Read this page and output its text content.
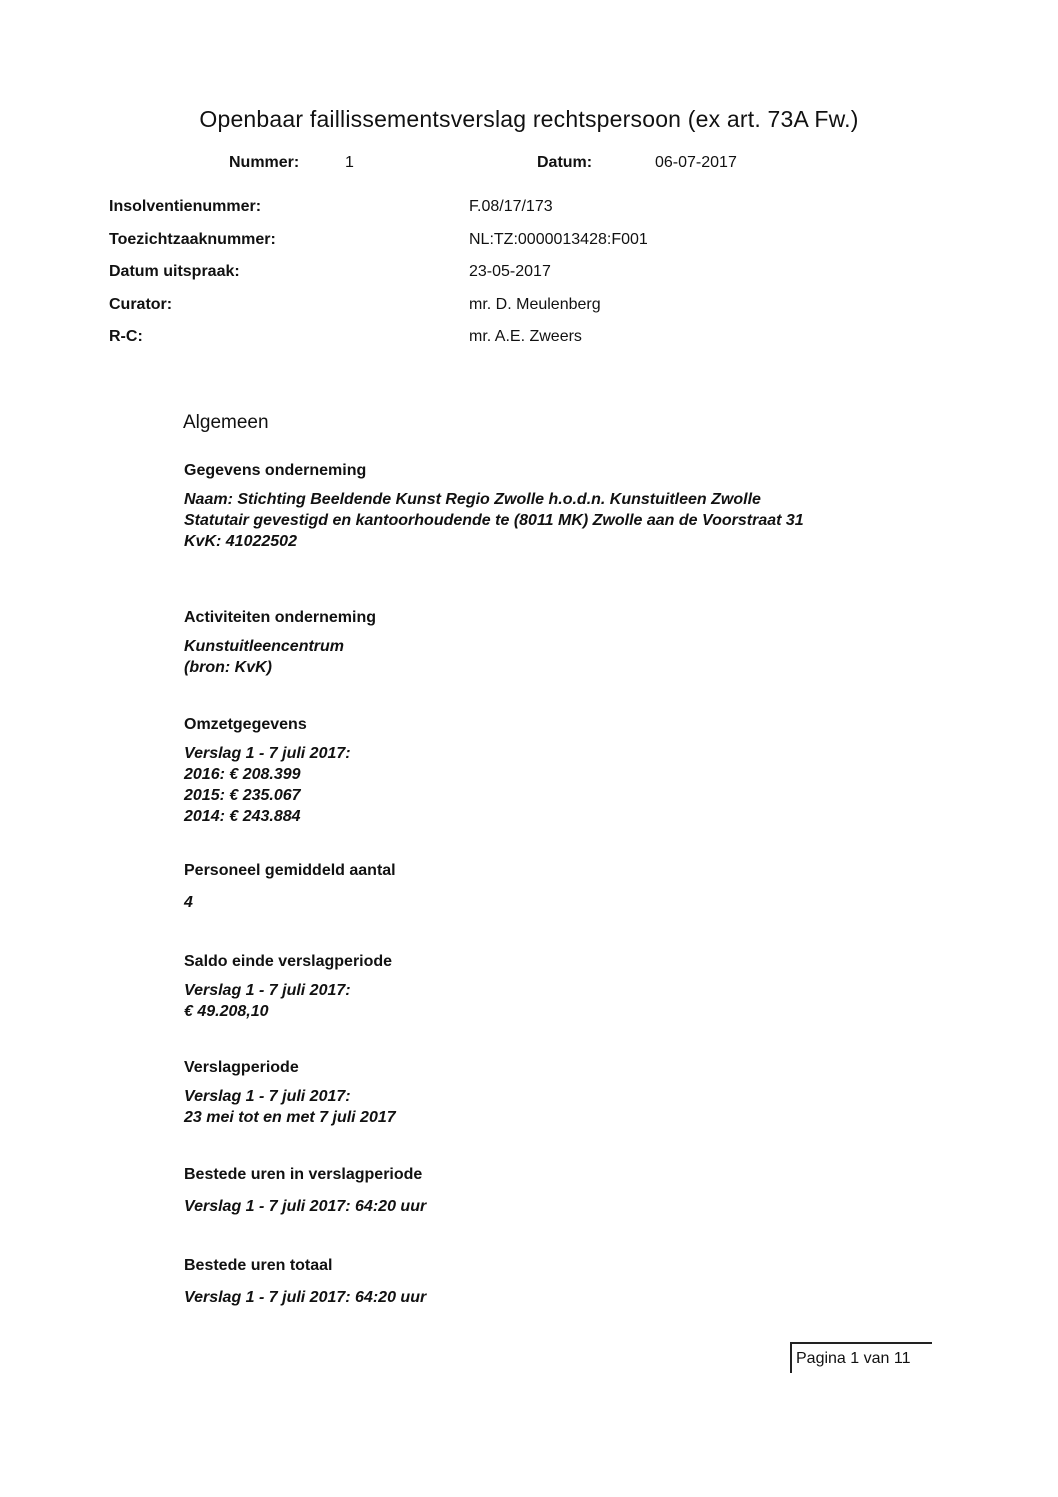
Openbaar faillissementsverslag rechtspersoon (ex art. 73A Fw.)
Nummer:	1	Datum:	06-07-2017
Insolventienummer:	F.08/17/173
Toezichtzaaknummer:	NL:TZ:0000013428:F001
Datum uitspraak:	23-05-2017
Curator:	mr. D. Meulenberg
R-C:	mr. A.E. Zweers
Algemeen

Gegevens onderneming

Naam: Stichting Beeldende Kunst Regio Zwolle h.o.d.n. Kunstuitleen Zwolle
Statutair gevestigd en kantoorhoudende te (8011 MK) Zwolle aan de Voorstraat 31
KvK: 41022502

Activiteiten onderneming

Kunstuitleencentrum
(bron: KvK)

Omzetgegevens

Verslag 1 - 7 juli 2017:
2016: € 208.399
2015: € 235.067
2014: € 243.884

Personeel gemiddeld aantal

4

Saldo einde verslagperiode

Verslag 1 - 7 juli 2017:
€ 49.208,10

Verslagperiode

Verslag 1 - 7 juli 2017:
23 mei tot en met 7 juli 2017

Bestede uren in verslagperiode

Verslag 1 - 7 juli 2017: 64:20 uur

Bestede uren totaal

Verslag 1 - 7 juli 2017: 64:20 uur

Pagina 1 van 11
